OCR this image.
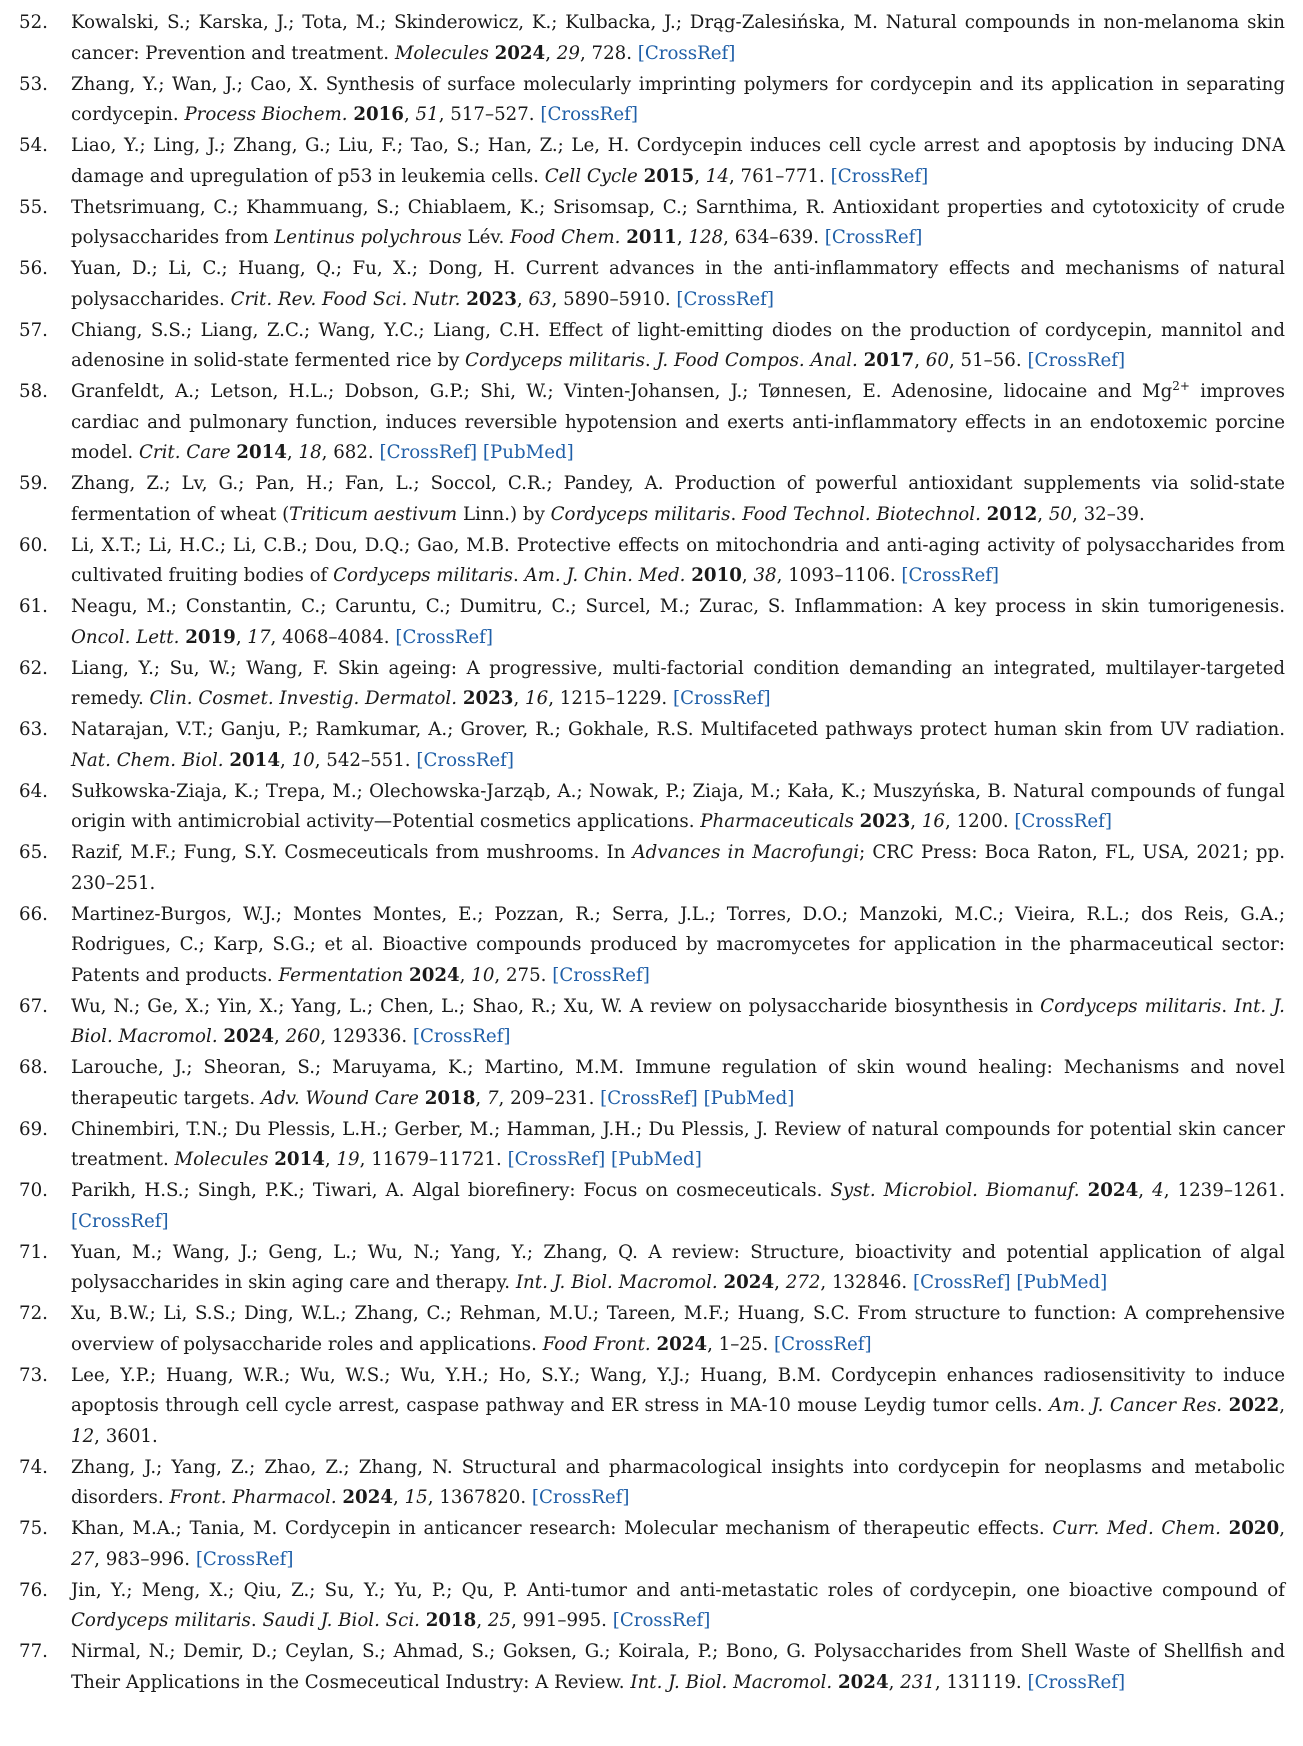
52. Kowalski, S.; Karska, J.; Tota, M.; Skinderowicz, K.; Kulbacka, J.; Drąg-Zalesińska, M. Natural compounds in non-melanoma skin cancer: Prevention and treatment. Molecules 2024, 29, 728. [CrossRef]
53. Zhang, Y.; Wan, J.; Cao, X. Synthesis of surface molecularly imprinting polymers for cordycepin and its application in separating cordycepin. Process Biochem. 2016, 51, 517–527. [CrossRef]
54. Liao, Y.; Ling, J.; Zhang, G.; Liu, F.; Tao, S.; Han, Z.; Le, H. Cordycepin induces cell cycle arrest and apoptosis by inducing DNA damage and upregulation of p53 in leukemia cells. Cell Cycle 2015, 14, 761–771. [CrossRef]
55. Thetsrimuang, C.; Khammuang, S.; Chiablaem, K.; Srisomsap, C.; Sarnthima, R. Antioxidant properties and cytotoxicity of crude polysaccharides from Lentinus polychrous Lév. Food Chem. 2011, 128, 634–639. [CrossRef]
56. Yuan, D.; Li, C.; Huang, Q.; Fu, X.; Dong, H. Current advances in the anti-inflammatory effects and mechanisms of natural polysaccharides. Crit. Rev. Food Sci. Nutr. 2023, 63, 5890–5910. [CrossRef]
57. Chiang, S.S.; Liang, Z.C.; Wang, Y.C.; Liang, C.H. Effect of light-emitting diodes on the production of cordycepin, mannitol and adenosine in solid-state fermented rice by Cordyceps militaris. J. Food Compos. Anal. 2017, 60, 51–56. [CrossRef]
58. Granfeldt, A.; Letson, H.L.; Dobson, G.P.; Shi, W.; Vinten-Johansen, J.; Tønnesen, E. Adenosine, lidocaine and $Mg^{2+}$ improves cardiac and pulmonary function, induces reversible hypotension and exerts anti-inflammatory effects in an endotoxemic porcine model. Crit. Care 2014, 18, 682. [CrossRef] [PubMed]
59. Zhang, Z.; Lv, G.; Pan, H.; Fan, L.; Soccol, C.R.; Pandey, A. Production of powerful antioxidant supplements via solid-state fermentation of wheat (Triticum aestivum Linn.) by Cordyceps militaris. Food Technol. Biotechnol. 2012, 50, 32–39.
60. Li, X.T.; Li, H.C.; Li, C.B.; Dou, D.Q.; Gao, M.B. Protective effects on mitochondria and anti-aging activity of polysaccharides from cultivated fruiting bodies of Cordyceps militaris. Am. J. Chin. Med. 2010, 38, 1093–1106. [CrossRef]
61. Neagu, M.; Constantin, C.; Caruntu, C.; Dumitru, C.; Surcel, M.; Zurac, S. Inflammation: A key process in skin tumorigenesis. Oncol. Lett. 2019, 17, 4068–4084. [CrossRef]
62. Liang, Y.; Su, W.; Wang, F. Skin ageing: A progressive, multi-factorial condition demanding an integrated, multilayer-targeted remedy. Clin. Cosmet. Investig. Dermatol. 2023, 16, 1215–1229. [CrossRef]
63. Natarajan, V.T.; Ganju, P.; Ramkumar, A.; Grover, R.; Gokhale, R.S. Multifaceted pathways protect human skin from UV radiation. Nat. Chem. Biol. 2014, 10, 542–551. [CrossRef]
64. Sułkowska-Ziaja, K.; Trepa, M.; Olechowska-Jarząb, A.; Nowak, P.; Ziaja, M.; Kała, K.; Muszyńska, B. Natural compounds of fungal origin with antimicrobial activity—Potential cosmetics applications. Pharmaceuticals 2023, 16, 1200. [CrossRef]
65. Razif, M.F.; Fung, S.Y. Cosmeceuticals from mushrooms. In Advances in Macrofungi; CRC Press: Boca Raton, FL, USA, 2021; pp. 230–251.
66. Martinez-Burgos, W.J.; Montes Montes, E.; Pozzan, R.; Serra, J.L.; Torres, D.O.; Manzoki, M.C.; Vieira, R.L.; dos Reis, G.A.; Rodrigues, C.; Karp, S.G.; et al. Bioactive compounds produced by macromycetes for application in the pharmaceutical sector: Patents and products. Fermentation 2024, 10, 275. [CrossRef]
67. Wu, N.; Ge, X.; Yin, X.; Yang, L.; Chen, L.; Shao, R.; Xu, W. A review on polysaccharide biosynthesis in Cordyceps militaris. Int. J. Biol. Macromol. 2024, 260, 129336. [CrossRef]
68. Larouche, J.; Sheoran, S.; Maruyama, K.; Martino, M.M. Immune regulation of skin wound healing: Mechanisms and novel therapeutic targets. Adv. Wound Care 2018, 7, 209–231. [CrossRef] [PubMed]
69. Chinembiri, T.N.; Du Plessis, L.H.; Gerber, M.; Hamman, J.H.; Du Plessis, J. Review of natural compounds for potential skin cancer treatment. Molecules 2014, 19, 11679–11721. [CrossRef] [PubMed]
70. Parikh, H.S.; Singh, P.K.; Tiwari, A. Algal biorefinery: Focus on cosmeceuticals. Syst. Microbiol. Biomanuf. 2024, 4, 1239–1261. [CrossRef]
71. Yuan, M.; Wang, J.; Geng, L.; Wu, N.; Yang, Y.; Zhang, Q. A review: Structure, bioactivity and potential application of algal polysaccharides in skin aging care and therapy. Int. J. Biol. Macromol. 2024, 272, 132846. [CrossRef] [PubMed]
72. Xu, B.W.; Li, S.S.; Ding, W.L.; Zhang, C.; Rehman, M.U.; Tareen, M.F.; Huang, S.C. From structure to function: A comprehensive overview of polysaccharide roles and applications. Food Front. 2024, 1–25. [CrossRef]
73. Lee, Y.P.; Huang, W.R.; Wu, W.S.; Wu, Y.H.; Ho, S.Y.; Wang, Y.J.; Huang, B.M. Cordycepin enhances radiosensitivity to induce apoptosis through cell cycle arrest, caspase pathway and ER stress in MA-10 mouse Leydig tumor cells. Am. J. Cancer Res. 2022, 12, 3601.
74. Zhang, J.; Yang, Z.; Zhao, Z.; Zhang, N. Structural and pharmacological insights into cordycepin for neoplasms and metabolic disorders. Front. Pharmacol. 2024, 15, 1367820. [CrossRef]
75. Khan, M.A.; Tania, M. Cordycepin in anticancer research: Molecular mechanism of therapeutic effects. Curr. Med. Chem. 2020, 27, 983–996. [CrossRef]
76. Jin, Y.; Meng, X.; Qiu, Z.; Su, Y.; Yu, P.; Qu, P. Anti-tumor and anti-metastatic roles of cordycepin, one bioactive compound of Cordyceps militaris. Saudi J. Biol. Sci. 2018, 25, 991–995. [CrossRef]
77. Nirmal, N.; Demir, D.; Ceylan, S.; Ahmad, S.; Goksen, G.; Koirala, P.; Bono, G. Polysaccharides from Shell Waste of Shellfish and Their Applications in the Cosmeceutical Industry: A Review. Int. J. Biol. Macromol. 2024, 231, 131119. [CrossRef]
